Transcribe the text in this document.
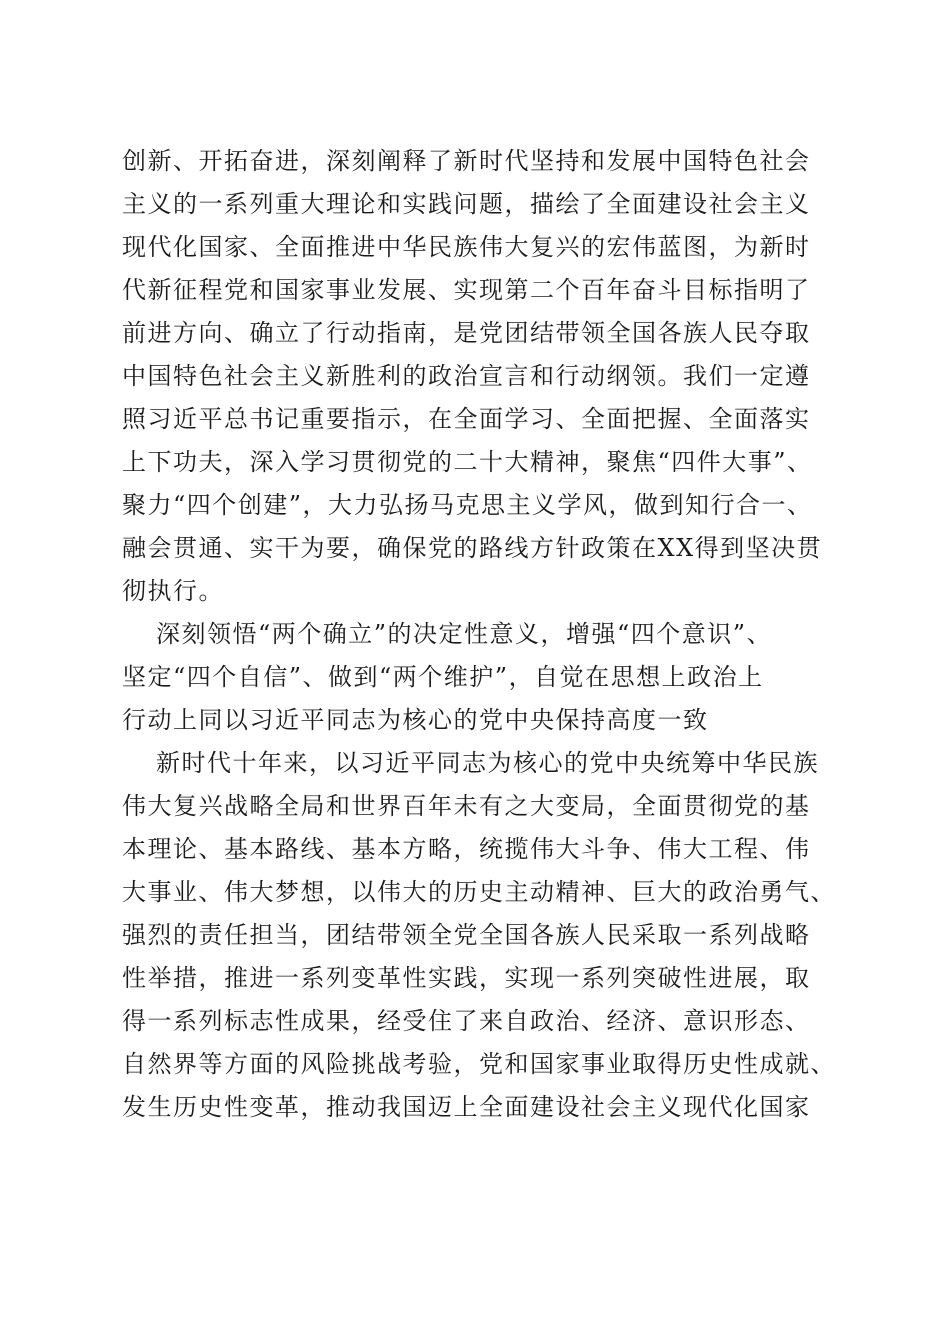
创新、开拓奋进，深刻阐释了新时代坚持和发展中国特色社会
主义的一系列重大理论和实践问题，描绘了全面建设社会主义
现代化国家、全面推进中华民族伟大复兴的宏伟蓝图，为新时
代新征程党和国家事业发展、实现第二个百年奋斗目标指明了
前进方向、确立了行动指南，是党团结带领全国各族人民夺取
中国特色社会主义新胜利的政治宣言和行动纲领。我们一定遵
照习近平总书记重要指示，在全面学习、全面把握、全面落实
上下功夫，深入学习贯彻党的二十大精神，聚焦“四件大事”、
聚力“四个创建”，大力弘扬马克思主义学风，做到知行合一、
融会贯通、实干为要，确保党的路线方针政策在XX得到坚决贯
彻执行。
深刻领悟“两个确立”的决定性意义，增强“四个意识”、
坚定“四个自信”、做到“两个维护”，自觉在思想上政治上
行动上同以习近平同志为核心的党中央保持高度一致
新时代十年来，以习近平同志为核心的党中央统筹中华民族
伟大复兴战略全局和世界百年未有之大变局，全面贯彻党的基
本理论、基本路线、基本方略，统揽伟大斗争、伟大工程、伟
大事业、伟大梦想，以伟大的历史主动精神、巨大的政治勇气、
强烈的责任担当，团结带领全党全国各族人民采取一系列战略
性举措，推进一系列变革性实践，实现一系列突破性进展，取
得一系列标志性成果，经受住了来自政治、经济、意识形态、
自然界等方面的风险挑战考验，党和国家事业取得历史性成就、
发生历史性变革，推动我国迈上全面建设社会主义现代化国家
